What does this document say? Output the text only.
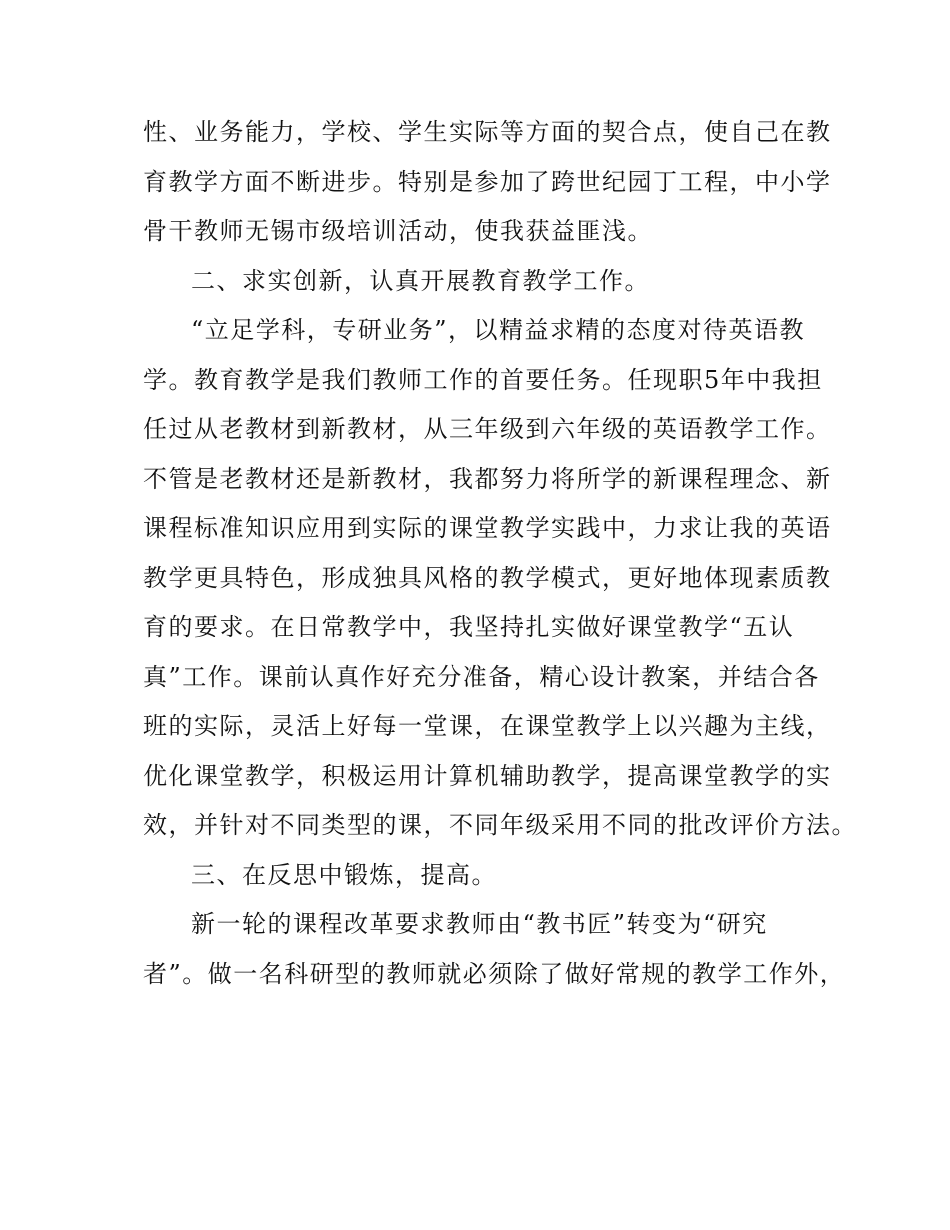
性、业务能力，学校、学生实际等方面的契合点，使自己在教
育教学方面不断进步。特别是参加了跨世纪园丁工程，中小学
骨干教师无锡市级培训活动，使我获益匪浅。
二、求实创新，认真开展教育教学工作。
“立足学科，专研业务”，以精益求精的态度对待英语教
学。教育教学是我们教师工作的首要任务。任现职5年中我担
任过从老教材到新教材，从三年级到六年级的英语教学工作。
不管是老教材还是新教材，我都努力将所学的新课程理念、新
课程标准知识应用到实际的课堂教学实践中，力求让我的英语
教学更具特色，形成独具风格的教学模式，更好地体现素质教
育的要求。在日常教学中，我坚持扎实做好课堂教学“五认
真”工作。课前认真作好充分准备，精心设计教案，并结合各
班的实际，灵活上好每一堂课，在课堂教学上以兴趣为主线，
优化课堂教学，积极运用计算机辅助教学，提高课堂教学的实
效，并针对不同类型的课，不同年级采用不同的批改评价方法。
三、在反思中锻炼，提高。
新一轮的课程改革要求教师由“教书匠”转变为“研究
者”。做一名科研型的教师就必须除了做好常规的教学工作外，
